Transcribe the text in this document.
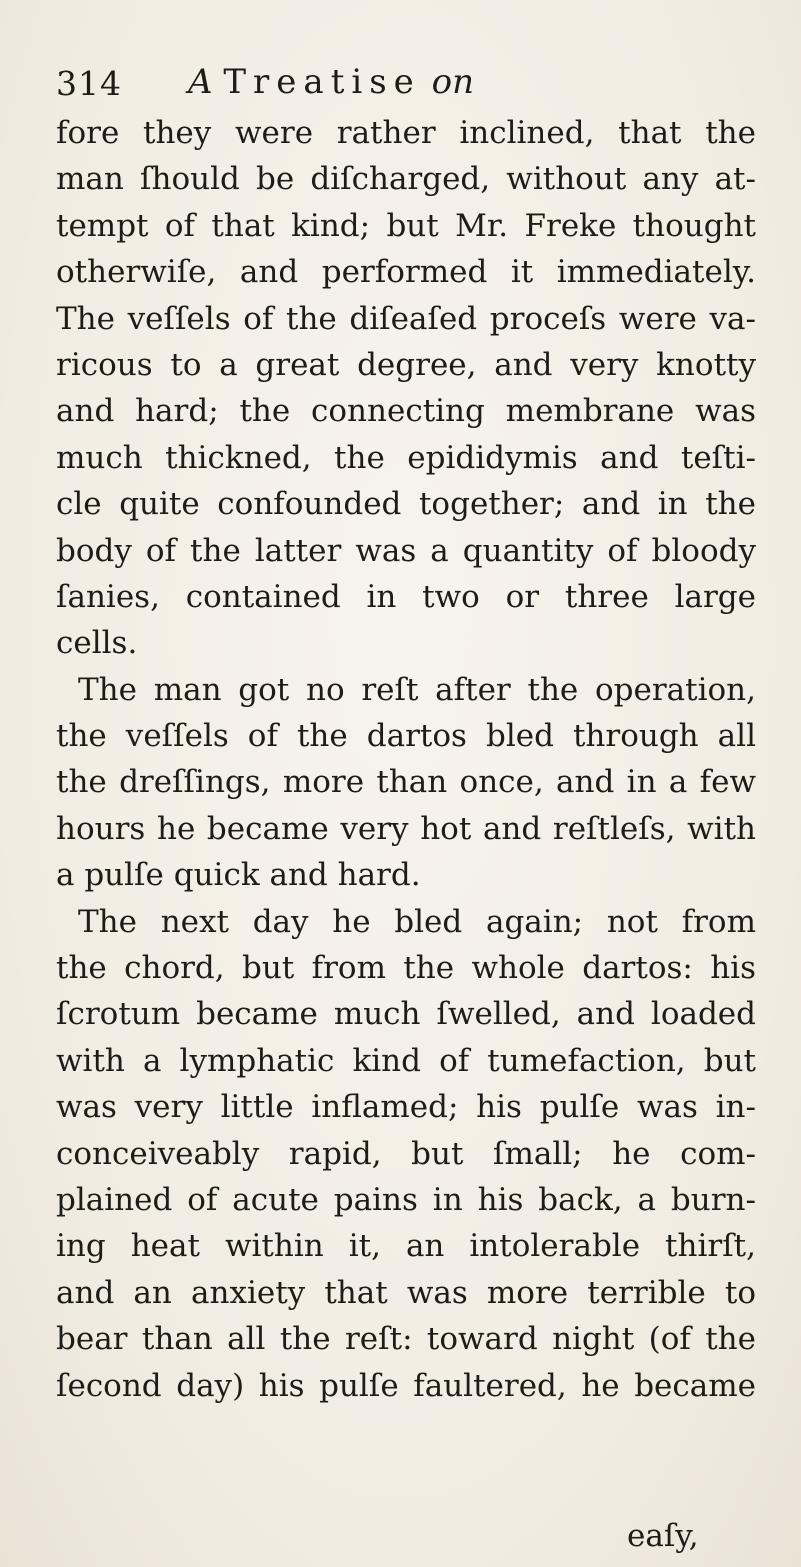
314 A Treatise on
fore they were rather inclined, that the
man ſhould be diſcharged, without any at-
tempt of that kind; but Mr. Freke thought
otherwiſe, and performed it immediately.
The veſſels of the diſeaſed proceſs were va-
ricous to a great degree, and very knotty
and hard; the connecting membrane was
much thickned, the epididymis and teſti-
cle quite confounded together; and in the
body of the latter was a quantity of bloody
ſanies, contained in two or three large
cells.
The man got no reſt after the operation,
the veſſels of the dartos bled through all
the dreſſings, more than once, and in a few
hours he became very hot and reſtleſs, with
a pulſe quick and hard.
The next day he bled again; not from
the chord, but from the whole dartos: his
ſcrotum became much ſwelled, and loaded
with a lymphatic kind of tumefaction, but
was very little inflamed; his pulſe was in-
conceiveably rapid, but ſmall; he com-
plained of acute pains in his back, a burn-
ing heat within it, an intolerable thirſt,
and an anxiety that was more terrible to
bear than all the reſt: toward night (of the
ſecond day) his pulſe faultered, he became
eaſy,
